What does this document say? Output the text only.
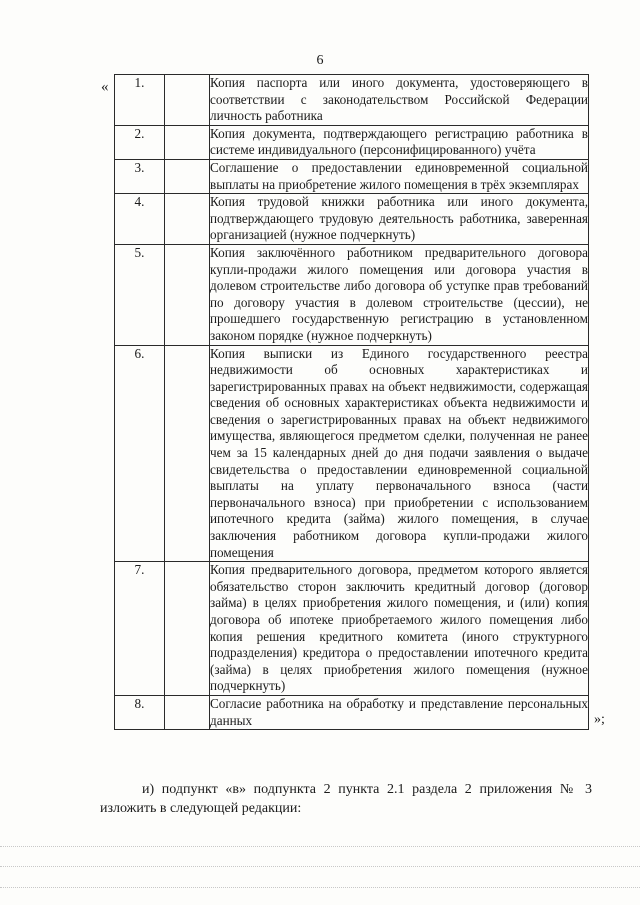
6
« 1.		Копия паспорта или иного документа, удостоверяющего в соответствии с законодательством Российской Федерации личность работника
2.		Копия документа, подтверждающего регистрацию работника в системе индивидуального (персонифицированного) учёта
3.		Соглашение о предоставлении единовременной социальной выплаты на приобретение жилого помещения в трёх экземплярах
4.		Копия трудовой книжки работника или иного документа, подтверждающего трудовую деятельность работника, заверенная организацией (нужное подчеркнуть)
5.		Копия заключённого работником предварительного договора купли-продажи жилого помещения или договора участия в долевом строительстве либо договора об уступке прав требований по договору участия в долевом строительстве (цессии), не прошедшего государственную регистрацию в установленном законом порядке (нужное подчеркнуть)
6.		Копия выписки из Единого государственного реестра недвижимости об основных характеристиках и зарегистрированных правах на объект недвижимости, содержащая сведения об основных характеристиках объекта недвижимости и сведения о зарегистрированных правах на объект недвижимого имущества, являющегося предметом сделки, полученная не ранее чем за 15 календарных дней до дня подачи заявления о выдаче свидетельства о предоставлении единовременной социальной выплаты на уплату первоначального взноса (части первоначального взноса) при приобретении с использованием ипотечного кредита (займа) жилого помещения, в случае заключения работником договора купли-продажи жилого помещения
7.		Копия предварительного договора, предметом которого является обязательство сторон заключить кредитный договор (договор займа) в целях приобретения жилого помещения, и (или) копия договора об ипотеке приобретаемого жилого помещения либо копия решения кредитного комитета (иного структурного подразделения) кредитора о предоставлении ипотечного кредита (займа) в целях приобретения жилого помещения (нужное подчеркнуть)
8.		Согласие работника на обработку и представление персональных данных	»;
и) подпункт «в» подпункта 2 пункта 2.1 раздела 2 приложения № 3 изложить в следующей редакции:
